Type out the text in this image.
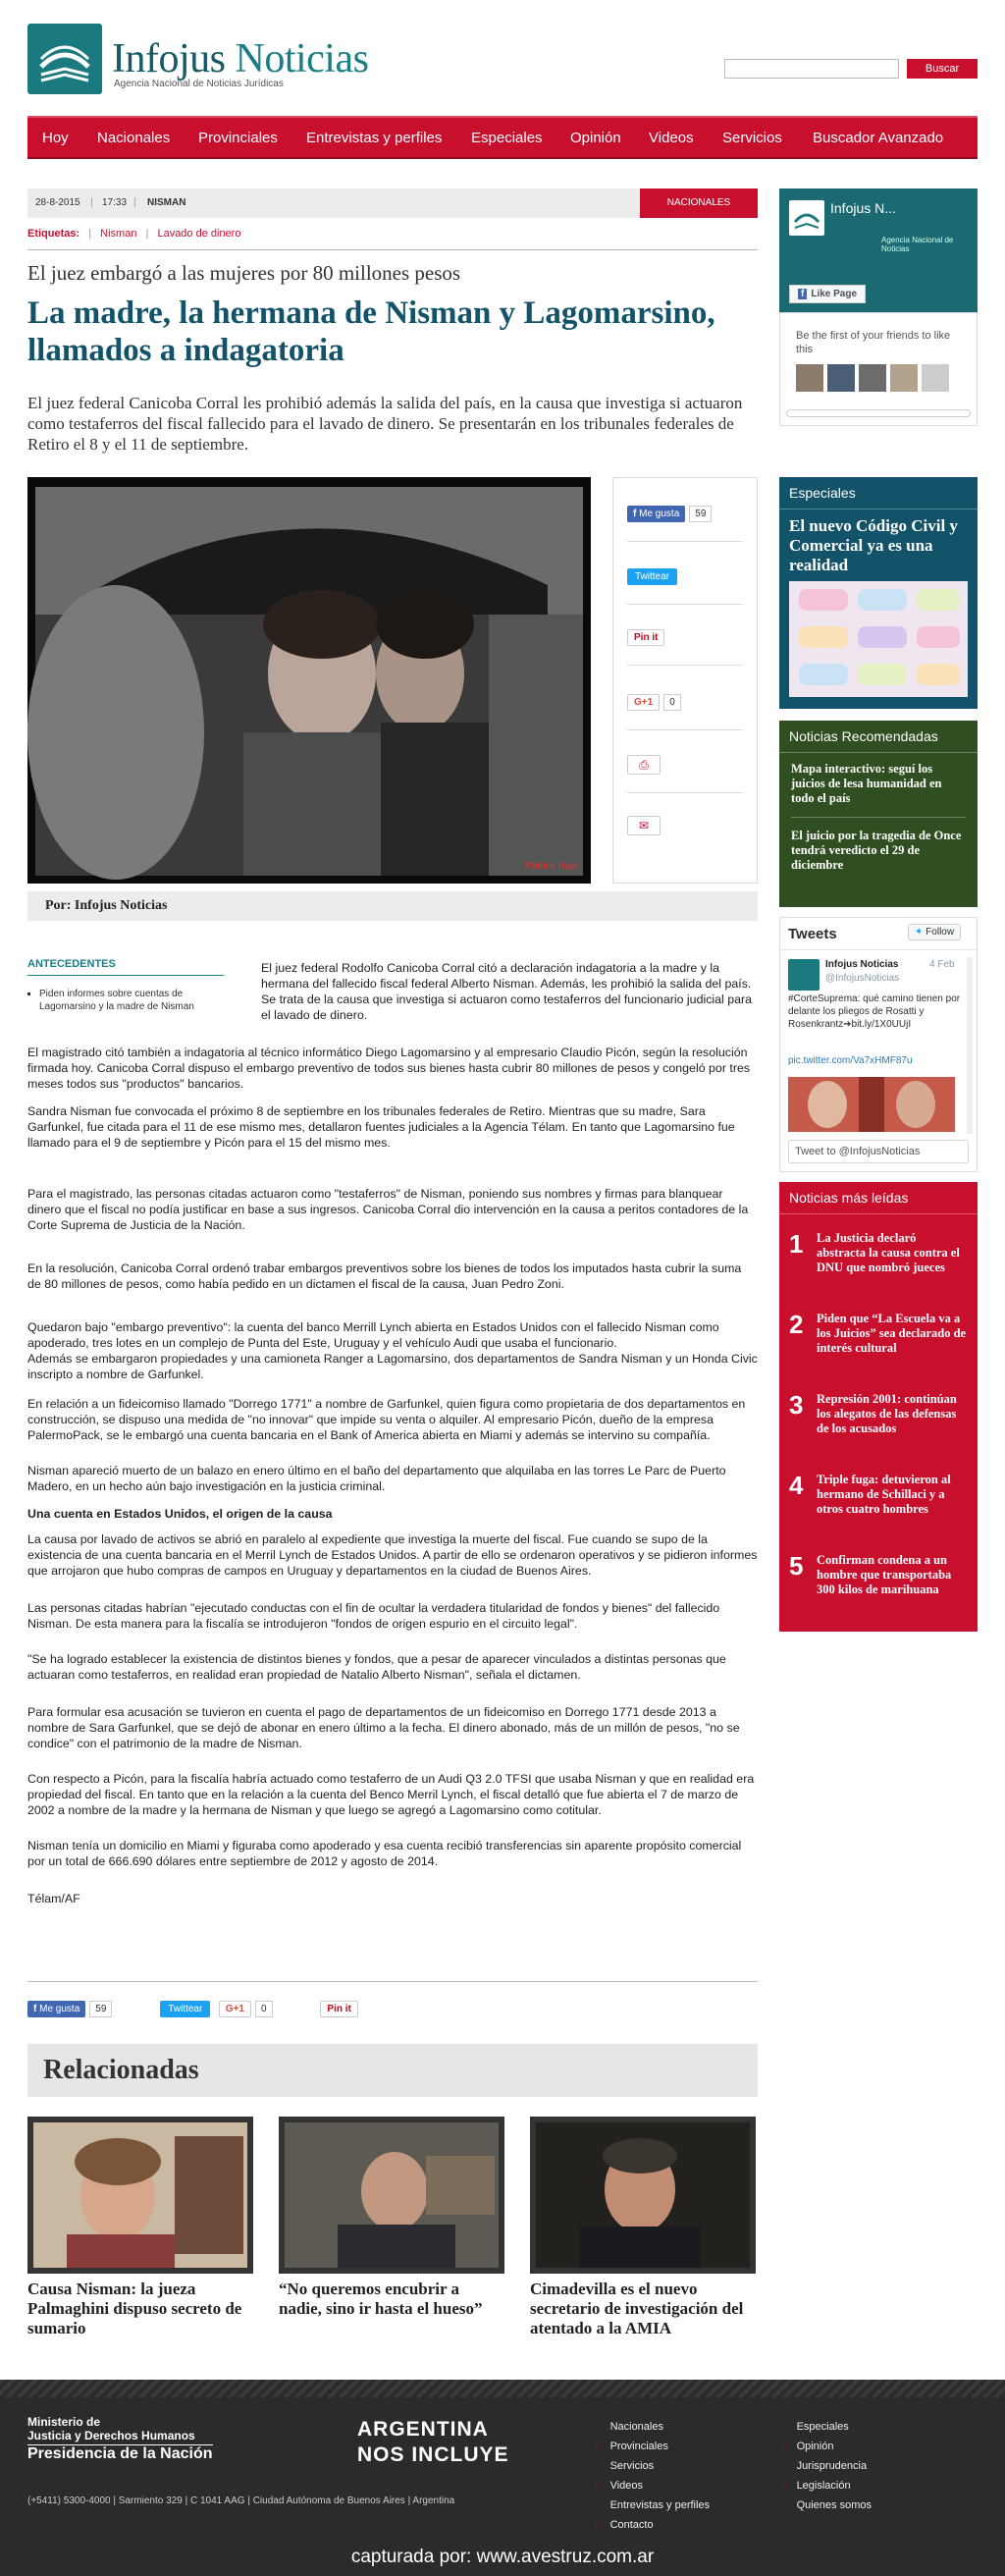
Infojus Noticias
Agencia Nacional de Noticias Jurídicas
Buscar
Hoy Nacionales Provinciales Entrevistas y perfiles Especiales Opinión Videos Servicios Buscador Avanzado
28-8-2015 | 17:33 | NISMAN	NACIONALES
Etiquetas: | Nisman | Lavado de dinero
El juez embargó a las mujeres por 80 millones pesos
La madre, la hermana de Nisman y Lagomarsino, llamados a indagatoria
El juez federal Canicoba Corral les prohibió además la salida del país, en la causa que investiga si actuaron como testaferros del fiscal fallecido para el lavado de dinero. Se presentarán en los tribunales federales de Retiro el 8 y el 11 de septiembre.
Patrick Haar
f Me gusta 59
Twittear
Pin it
G+1 0
⎙
✉
Por: Infojus Noticias
ANTECEDENTES
▪ Piden informes sobre cuentas de Lagomarsino y la madre de Nisman
El juez federal Rodolfo Canicoba Corral citó a declaración indagatoria a la madre y la hermana del fallecido fiscal federal Alberto Nisman. Además, les prohibió la salida del país. Se trata de la causa que investiga si actuaron como testaferros del funcionario judicial para el lavado de dinero.
El magistrado citó también a indagatoria al técnico informático Diego Lagomarsino y al empresario Claudio Picón, según la resolución firmada hoy. Canicoba Corral dispuso el embargo preventivo de todos sus bienes hasta cubrir 80 millones de pesos y congeló por tres meses todos sus "productos" bancarios.
Sandra Nisman fue convocada el próximo 8 de septiembre en los tribunales federales de Retiro. Mientras que su madre, Sara Garfunkel, fue citada para el 11 de ese mismo mes, detallaron fuentes judiciales a la Agencia Télam. En tanto que Lagomarsino fue llamado para el 9 de septiembre y Picón para el 15 del mismo mes.
Para el magistrado, las personas citadas actuaron como "testaferros" de Nisman, poniendo sus nombres y firmas para blanquear dinero que el fiscal no podía justificar en base a sus ingresos. Canicoba Corral dio intervención en la causa a peritos contadores de la Corte Suprema de Justicia de la Nación.
En la resolución, Canicoba Corral ordenó trabar embargos preventivos sobre los bienes de todos los imputados hasta cubrir la suma de 80 millones de pesos, como había pedido en un dictamen el fiscal de la causa, Juan Pedro Zoni.
Quedaron bajo "embargo preventivo": la cuenta del banco Merrill Lynch abierta en Estados Unidos con el fallecido Nisman como apoderado, tres lotes en un complejo de Punta del Este, Uruguay y el vehículo Audi que usaba el funcionario.
Además se embargaron propiedades y una camioneta Ranger a Lagomarsino, dos departamentos de Sandra Nisman y un Honda Civic inscripto a nombre de Garfunkel.
En relación a un fideicomiso llamado "Dorrego 1771" a nombre de Garfunkel, quien figura como propietaria de dos departamentos en construcción, se dispuso una medida de "no innovar" que impide su venta o alquiler. Al empresario Picón, dueño de la empresa PalermoPack, se le embargó una cuenta bancaria en el Bank of America abierta en Miami y además se intervino su compañía.
Nisman apareció muerto de un balazo en enero último en el baño del departamento que alquilaba en las torres Le Parc de Puerto Madero, en un hecho aún bajo investigación en la justicia criminal.
Una cuenta en Estados Unidos, el origen de la causa
La causa por lavado de activos se abrió en paralelo al expediente que investiga la muerte del fiscal. Fue cuando se supo de la existencia de una cuenta bancaria en el Merril Lynch de Estados Unidos. A partir de ello se ordenaron operativos y se pidieron informes que arrojaron que hubo compras de campos en Uruguay y departamentos en la ciudad de Buenos Aires.
Las personas citadas habrían "ejecutado conductas con el fin de ocultar la verdadera titularidad de fondos y bienes" del fallecido Nisman. De esta manera para la fiscalía se introdujeron "fondos de origen espurio en el circuito legal".
"Se ha logrado establecer la existencia de distintos bienes y fondos, que a pesar de aparecer vinculados a distintas personas que actuaran como testaferros, en realidad eran propiedad de Natalio Alberto Nisman", señala el dictamen.
Para formular esa acusación se tuvieron en cuenta el pago de departamentos de un fideicomiso en Dorrego 1771 desde 2013 a nombre de Sara Garfunkel, que se dejó de abonar en enero último a la fecha. El dinero abonado, más de un millón de pesos, "no se condice" con el patrimonio de la madre de Nisman.
Con respecto a Picón, para la fiscalía habría actuado como testaferro de un Audi Q3 2.0 TFSI que usaba Nisman y que en realidad era propiedad del fiscal. En tanto que en la relación a la cuenta del Benco Merril Lynch, el fiscal detalló que fue abierta el 7 de marzo de 2002 a nombre de la madre y la hermana de Nisman y que luego se agregó a Lagomarsino como cotitular.
Nisman tenía un domicilio en Miami y figuraba como apoderado y esa cuenta recibió transferencias sin aparente propósito comercial por un total de 666.690 dólares entre septiembre de 2012 y agosto de 2014.
Télam/AF
f Me gusta 59	Twittear G+1 0	Pin it
Relacionadas
Causa Nisman: la jueza Palmaghini dispuso secreto de sumario
“No queremos encubrir a nadie, sino ir hasta el hueso”
Cimadevilla es el nuevo secretario de investigación del atentado a la AMIA
Infojus N...
Agencia Nacional de Noticias
f Like Page
Be the first of your friends to like this
Especiales
El nuevo Código Civil y Comercial ya es una realidad
Noticias Recomendadas
Mapa interactivo: seguí los juicios de lesa humanidad en todo el país
El juicio por la tragedia de Once tendrá veredicto el 29 de diciembre
Tweets	✦ Follow
Infojus Noticias
@InfojusNoticias
4 Feb
#CorteSuprema: qué camino tienen por delante los pliegos de Rosatti y Rosenkrantz➔bit.ly/1X0UUjI
pic.twitter.com/Va7xHMF87u
Tweet to @InfojusNoticias
Noticias más leídas
1 La Justicia declaró abstracta la causa contra el DNU que nombró jueces
2 Piden que “La Escuela va a los Juicios” sea declarado de interés cultural
3 Represión 2001: continúan los alegatos de las defensas de los acusados
4 Triple fuga: detuvieron al hermano de Schillaci y a otros cuatro hombres
5 Confirman condena a un hombre que transportaba 300 kilos de marihuana
Ministerio de
Justicia y Derechos Humanos
Presidencia de la Nación
ARGENTINA
NOS INCLUYE
(+5411) 5300-4000 | Sarmiento 329 | C 1041 AAG | Ciudad Autónoma de Buenos Aires | Argentina
:: Nacionales
:: Provinciales
:: Servicios
:: Videos
:: Entrevistas y perfiles
:: Contacto
:: Especiales
:: Opinión
:: Jurisprudencia
:: Legislación
:: Quienes somos
capturada por: www.avestruz.com.ar
